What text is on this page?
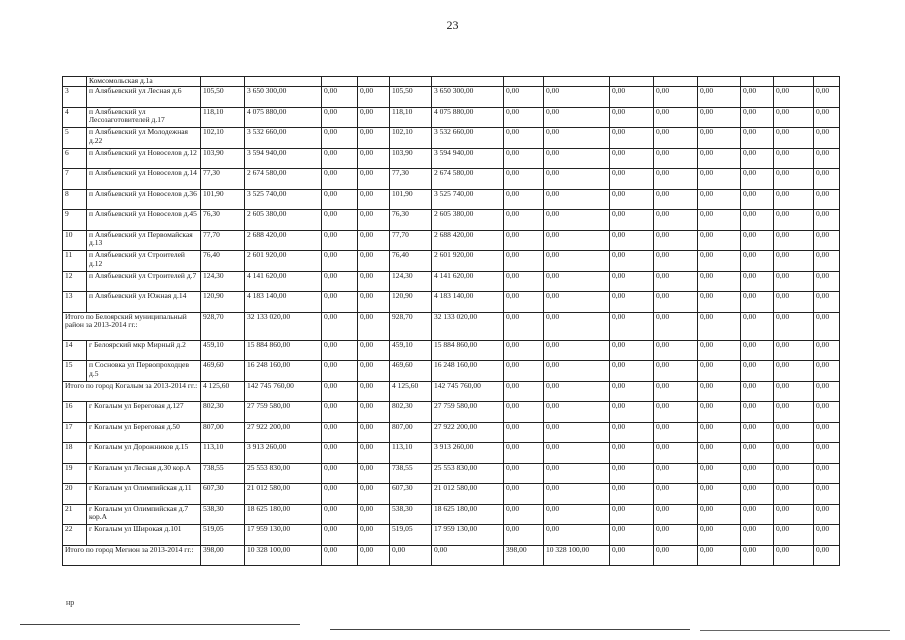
23
	Комсомольская д.1а														
3	п Алябьевский ул Лесная д.6	105,50	3 650 300,00	0,00	0,00	105,50	3 650 300,00	0,00	0,00	0,00	0,00	0,00	0,00	0,00	0,00
4	п Алябьевский ул Лесозаготовителей д.17	118,10	4 075 880,00	0,00	0,00	118,10	4 075 880,00	0,00	0,00	0,00	0,00	0,00	0,00	0,00	0,00
5	п Алябьевский ул Молодежная д.22	102,10	3 532 660,00	0,00	0,00	102,10	3 532 660,00	0,00	0,00	0,00	0,00	0,00	0,00	0,00	0,00
6	п Алябьевский ул Новоселов д.12	103,90	3 594 940,00	0,00	0,00	103,90	3 594 940,00	0,00	0,00	0,00	0,00	0,00	0,00	0,00	0,00
7	п Алябьевский ул Новоселов д.14	77,30	2 674 580,00	0,00	0,00	77,30	2 674 580,00	0,00	0,00	0,00	0,00	0,00	0,00	0,00	0,00
8	п Алябьевский ул Новоселов д.36	101,90	3 525 740,00	0,00	0,00	101,90	3 525 740,00	0,00	0,00	0,00	0,00	0,00	0,00	0,00	0,00
9	п Алябьевский ул Новоселов д.45	76,30	2 605 380,00	0,00	0,00	76,30	2 605 380,00	0,00	0,00	0,00	0,00	0,00	0,00	0,00	0,00
10	п Алябьевский ул Первомайская д.13	77,70	2 688 420,00	0,00	0,00	77,70	2 688 420,00	0,00	0,00	0,00	0,00	0,00	0,00	0,00	0,00
11	п Алябьевский ул Строителей д.12	76,40	2 601 920,00	0,00	0,00	76,40	2 601 920,00	0,00	0,00	0,00	0,00	0,00	0,00	0,00	0,00
12	п Алябьевский ул Строителей д.7	124,30	4 141 620,00	0,00	0,00	124,30	4 141 620,00	0,00	0,00	0,00	0,00	0,00	0,00	0,00	0,00
13	п Алябьевский ул Южная д.14	120,90	4 183 140,00	0,00	0,00	120,90	4 183 140,00	0,00	0,00	0,00	0,00	0,00	0,00	0,00	0,00
Итого по Белоярский муниципальный район за 2013-2014 гг.:		928,70	32 133 020,00	0,00	0,00	928,70	32 133 020,00	0,00	0,00	0,00	0,00	0,00	0,00	0,00	0,00
14	г Белоярский мкр Мирный д.2	459,10	15 884 860,00	0,00	0,00	459,10	15 884 860,00	0,00	0,00	0,00	0,00	0,00	0,00	0,00	0,00
15	п Сосновка ул Первопроходцев д.5	469,60	16 248 160,00	0,00	0,00	469,60	16 248 160,00	0,00	0,00	0,00	0,00	0,00	0,00	0,00	0,00
Итого по город Когалым за 2013-2014 гг.:		4 125,60	142 745 760,00	0,00	0,00	4 125,60	142 745 760,00	0,00	0,00	0,00	0,00	0,00	0,00	0,00	0,00
16	г Когалым ул Береговая д.127	802,30	27 759 580,00	0,00	0,00	802,30	27 759 580,00	0,00	0,00	0,00	0,00	0,00	0,00	0,00	0,00
17	г Когалым ул Береговая д.50	807,00	27 922 200,00	0,00	0,00	807,00	27 922 200,00	0,00	0,00	0,00	0,00	0,00	0,00	0,00	0,00
18	г Когалым ул Дорожников д.15	113,10	3 913 260,00	0,00	0,00	113,10	3 913 260,00	0,00	0,00	0,00	0,00	0,00	0,00	0,00	0,00
19	г Когалым ул Лесная д.30 кор.А	738,55	25 553 830,00	0,00	0,00	738,55	25 553 830,00	0,00	0,00	0,00	0,00	0,00	0,00	0,00	0,00
20	г Когалым ул Олимпийская д.11	607,30	21 012 580,00	0,00	0,00	607,30	21 012 580,00	0,00	0,00	0,00	0,00	0,00	0,00	0,00	0,00
21	г Когалым ул Олимпийская д.7 кор.А	538,30	18 625 180,00	0,00	0,00	538,30	18 625 180,00	0,00	0,00	0,00	0,00	0,00	0,00	0,00	0,00
22	г Когалым ул Широкая д.101	519,05	17 959 130,00	0,00	0,00	519,05	17 959 130,00	0,00	0,00	0,00	0,00	0,00	0,00	0,00	0,00
Итого по город Мегион за 2013-2014 гг.:		398,00	10 328 100,00	0,00	0,00	0,00	0,00	398,00	10 328 100,00	0,00	0,00	0,00	0,00	0,00	0,00
нр
